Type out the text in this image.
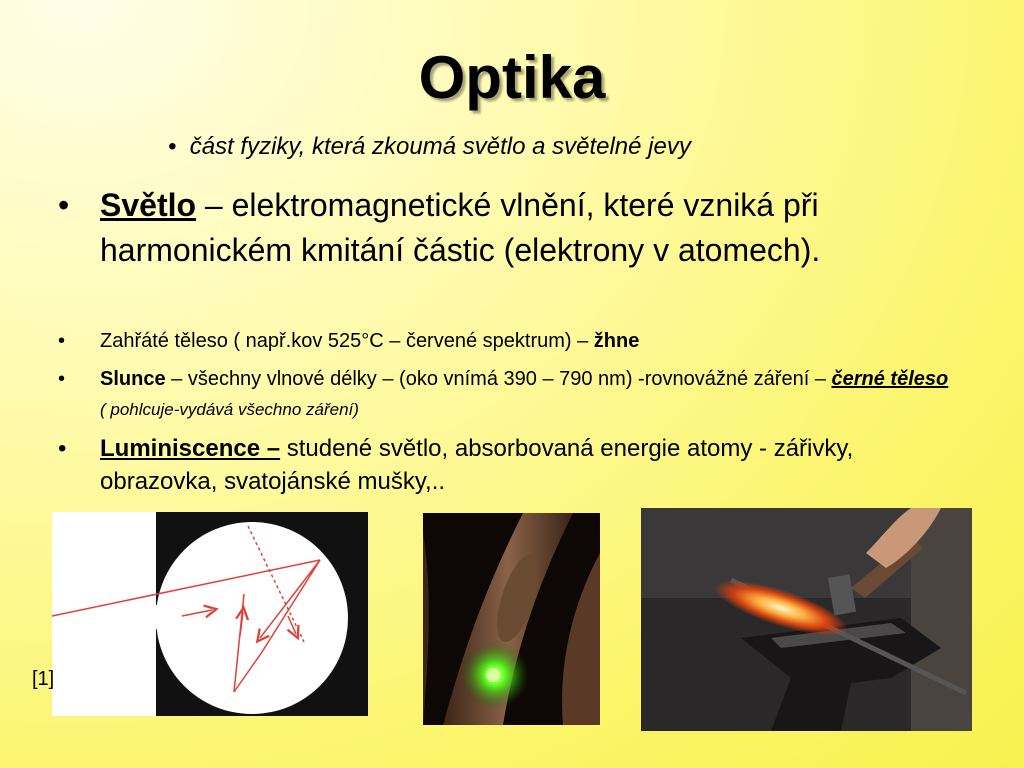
Optika
•  část fyziky, která zkoumá světlo a světelné jevy
• Světlo – elektromagnetické vlnění, které vzniká při harmonickém kmitání částic (elektrony v atomech).
• Zahřáté těleso ( např.kov 525°C – červené spektrum) – žhne
• Slunce – všechny vlnové délky – (oko vnímá 390 – 790 nm) -rovnovážné záření – černé těleso ( pohlcuje-vydává všechno záření)
• Luminiscence – studené světlo, absorbovaná energie atomy - zářivky, obrazovka, svatojánské mušky,..
[1]
